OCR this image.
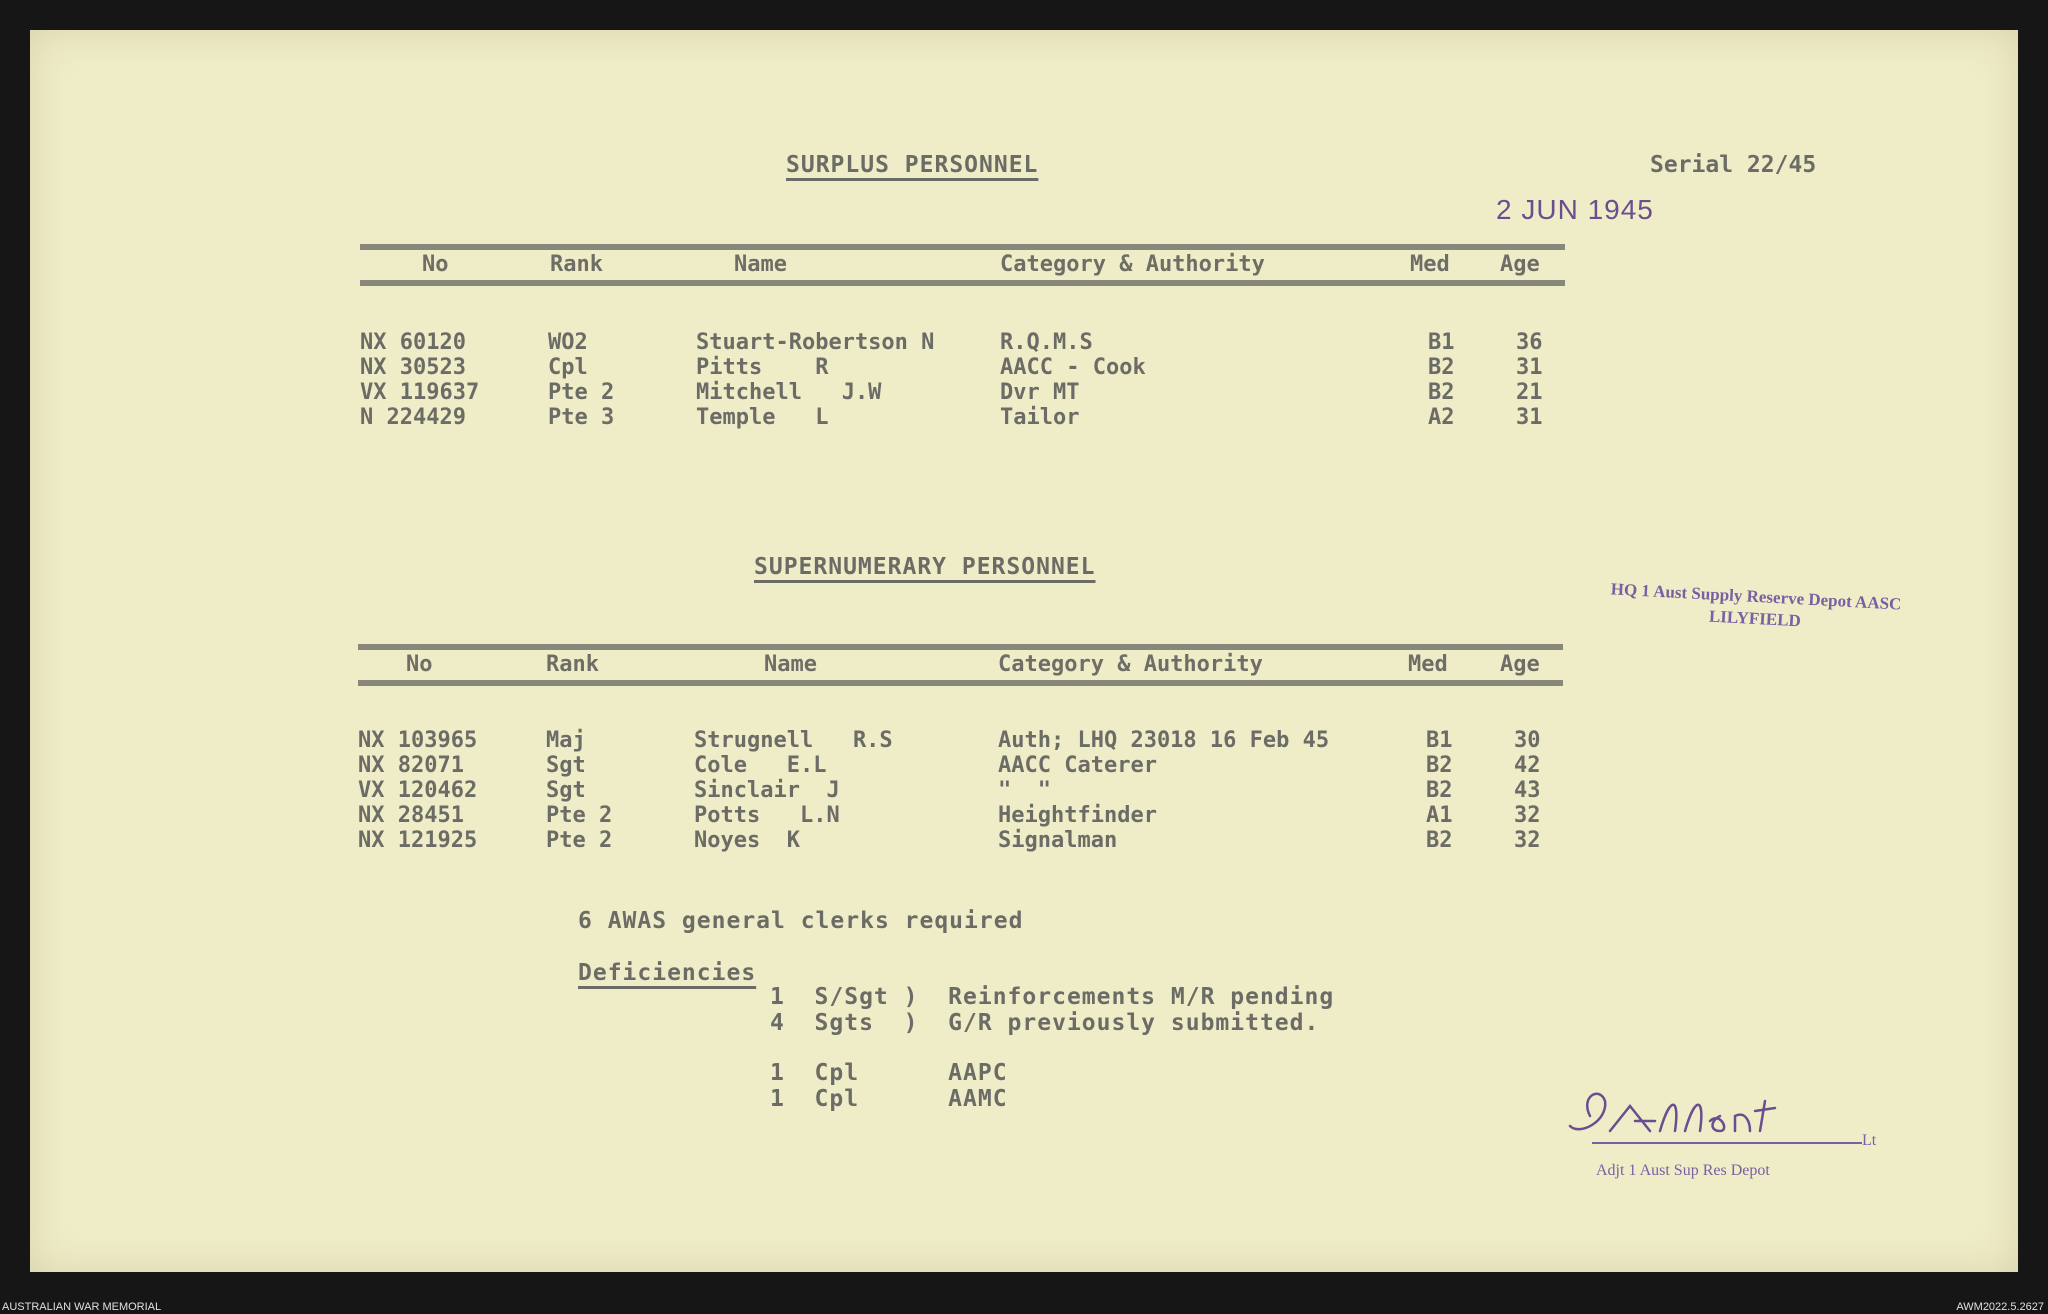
SURPLUS PERSONNEL	Serial 22/45
2 JUN 1945
No	Rank	Name	Category & Authority	Med Age
NX 60120	WO2	Stuart-Robertson N	R.Q.M.S	B1	36
NX 30523	Cpl	Pitts    R	AACC - Cook	B2	31
VX 119637	Pte 2	Mitchell   J.W	Dvr MT	B2	21
N 224429	Pte 3	Temple   L	Tailor	A2	31
SUPERNUMERARY PERSONNEL
No	Rank	Name	Category & Authority	Med Age
NX 103965	Maj	Strugnell   R.S	Auth; LHQ 23018 16 Feb 45	B1	30
NX 82071	Sgt	Cole   E.L	AACC Caterer	B2	42
VX 120462	Sgt	Sinclair  J	"  "	B2	43
NX 28451	Pte 2	Potts   L.N	Heightfinder	A1	32
NX 121925	Pte 2	Noyes  K	Signalman	B2	32
HQ 1 Aust Supply Reserve Depot AASC
LILYFIELD
6 AWAS general clerks required
Deficiencies
1  S/Sgt )  Reinforcements M/R pending
4  Sgts  )  G/R previously submitted.
1  Cpl      AAPC
1  Cpl      AAMC
Lt
Adjt 1 Aust Sup Res Depot
AUSTRALIAN WAR MEMORIAL	AWM2022.5.2627
